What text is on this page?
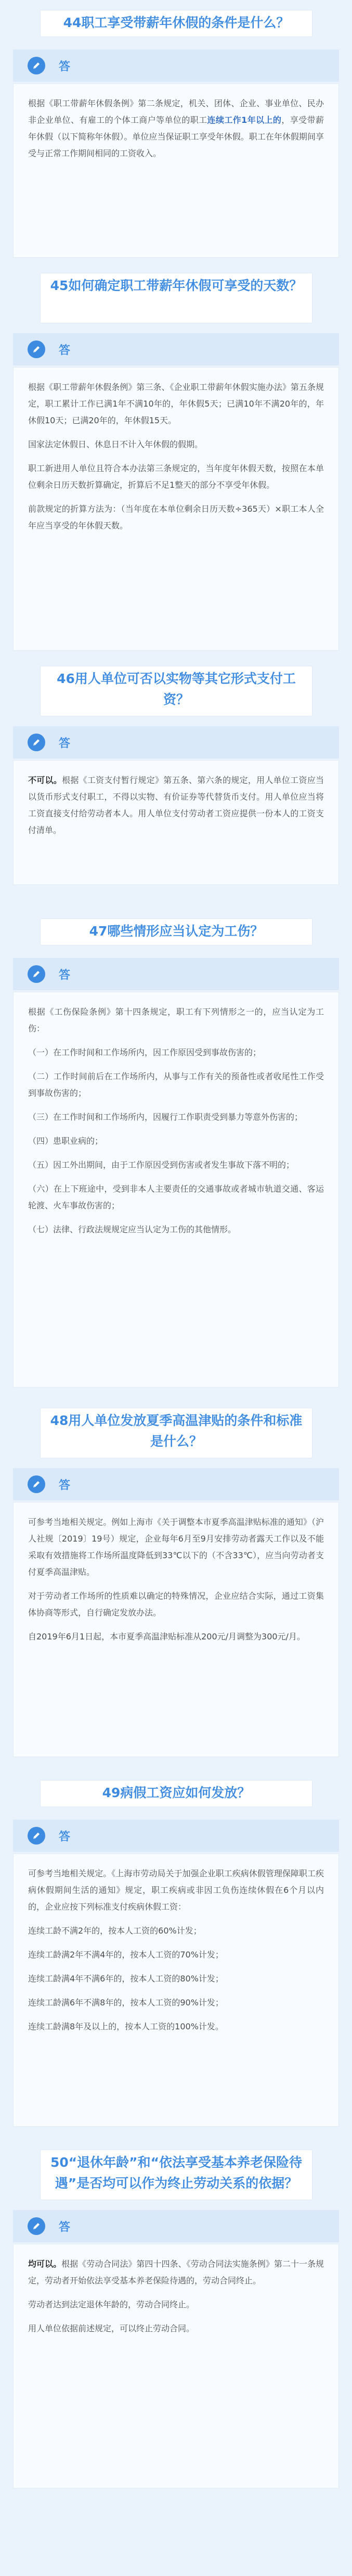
44职工享受带薪年休假的条件是什么？
答

根据《职工带薪年休假条例》第二条规定，机关、团体、企业、事业单位、民办非企业单位、有雇工的个体工商户等单位的职工连续工作1年以上的，享受带薪年休假（以下简称年休假）。单位应当保证职工享受年休假。职工在年休假期间享受与正常工作期间相同的工资收入。

45如何确定职工带薪年休假可享受的天数？
答

根据《职工带薪年休假条例》第三条、《企业职工带薪年休假实施办法》第五条规定，职工累计工作已满1年不满10年的，年休假5天；已满10年不满20年的，年休假10天；已满20年的，年休假15天。

国家法定休假日、休息日不计入年休假的假期。

职工新进用人单位且符合本办法第三条规定的，当年度年休假天数，按照在本单位剩余日历天数折算确定，折算后不足1整天的部分不享受年休假。

前款规定的折算方法为：（当年度在本单位剩余日历天数÷365天）×职工本人全年应当享受的年休假天数。

46用人单位可否以实物等其它形式支付工资？
答

不可以。根据《工资支付暂行规定》第五条、第六条的规定，用人单位工资应当以货币形式支付职工，不得以实物、有价证券等代替货币支付。用人单位应当将工资直接支付给劳动者本人。用人单位支付劳动者工资应提供一份本人的工资支付清单。

47哪些情形应当认定为工伤？
答

根据《工伤保险条例》第十四条规定，职工有下列情形之一的，应当认定为工伤：

（一）在工作时间和工作场所内，因工作原因受到事故伤害的；

（二）工作时间前后在工作场所内，从事与工作有关的预备性或者收尾性工作受到事故伤害的；

（三）在工作时间和工作场所内，因履行工作职责受到暴力等意外伤害的；

（四）患职业病的；

（五）因工外出期间，由于工作原因受到伤害或者发生事故下落不明的；

（六）在上下班途中，受到非本人主要责任的交通事故或者城市轨道交通、客运轮渡、火车事故伤害的；

（七）法律、行政法规规定应当认定为工伤的其他情形。

48用人单位发放夏季高温津贴的条件和标准是什么？
答

可参考当地相关规定。例如上海市《关于调整本市夏季高温津贴标准的通知》（沪人社规〔2019〕19号）规定，企业每年6月至9月安排劳动者露天工作以及不能采取有效措施将工作场所温度降低到33℃以下的（不含33℃），应当向劳动者支付夏季高温津贴。

对于劳动者工作场所的性质难以确定的特殊情况，企业应结合实际，通过工资集体协商等形式，自行确定发放办法。

自2019年6月1日起，本市夏季高温津贴标准从200元/月调整为300元/月。

49病假工资应如何发放？
答

可参考当地相关规定。《上海市劳动局关于加强企业职工疾病休假管理保障职工疾病休假期间生活的通知》规定，职工疾病或非因工负伤连续休假在6个月以内的，企业应按下列标准支付疾病休假工资：

连续工龄不满2年的，按本人工资的60%计发；

连续工龄满2年不满4年的，按本人工资的70%计发；

连续工龄满4年不满6年的，按本人工资的80%计发；

连续工龄满6年不满8年的，按本人工资的90%计发；

连续工龄满8年及以上的，按本人工资的100%计发。

50“退休年龄”和“依法享受基本养老保险待遇”是否均可以作为终止劳动关系的依据？
答

均可以。根据《劳动合同法》第四十四条、《劳动合同法实施条例》第二十一条规定，劳动者开始依法享受基本养老保险待遇的，劳动合同终止。

劳动者达到法定退休年龄的，劳动合同终止。

用人单位依据前述规定，可以终止劳动合同。
